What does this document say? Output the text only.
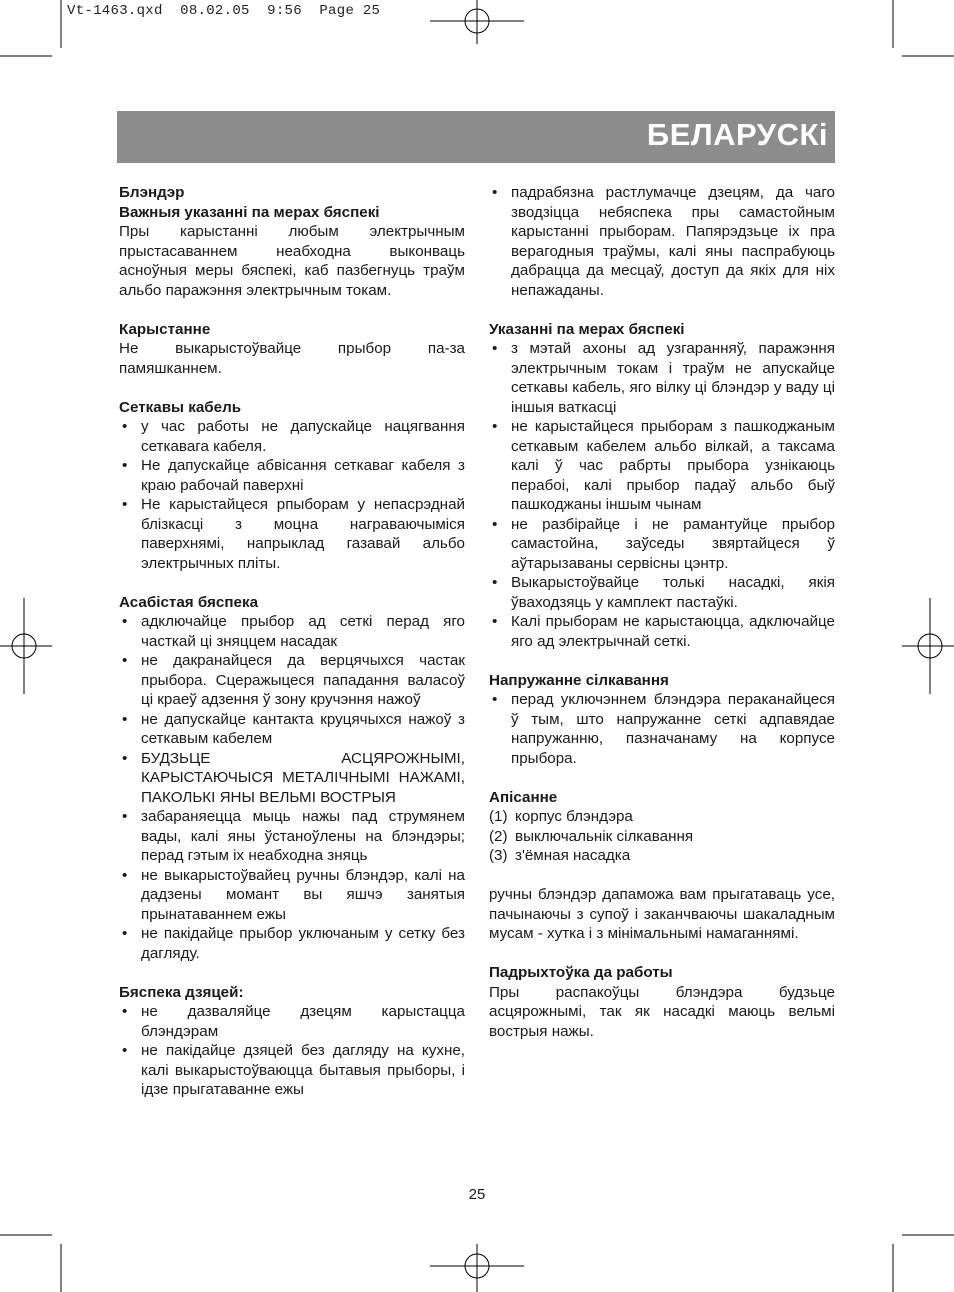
Vt-1463.qxd  08.02.05  9:56  Page 25
БЕЛАРУСКі
Блэндэр
Важныя указанні па мерах бяспекі
Пры карыстанні любым электрычным прыстасаваннем неабходна выконваць асноўныя меры бяспекі, каб пазбегнуць траўм альбо паражэння электрычным токам.
Карыстанне
Не выкарыстоўвайце прыбор па-за памяшканнем.
Сеткавы кабель
• у час работы не дапускайце нацягвання сеткавага кабеля.
• Не дапускайце абвісання сеткаваг кабеля з краю рабочай паверхні
• Не карыстайцеся рпыборам у непасрэднай блізкасці з моцна награваючыміся паверхнямі, напрыклад газавай альбо электрычных пліты.
Асабістая бяспека
• адключайце прыбор ад сеткі перад яго часткай ці зняццем насадак
• не дакранайцеся да верцячыхся частак прыбора. Сцеражыцеся пападання валасоў ці краеў адзення ў зону кручэння нажоў
• не дапускайце кантакта круцячыхся нажоў з сеткавым кабелем
• БУДЗЬЦЕ АСЦЯРОЖНЫМІ, КАРЫСТАЮЧЫСЯ МЕТАЛІЧНЫМІ НАЖАМІ, ПАКОЛЬКІ ЯНЫ ВЕЛЬМІ ВОСТРЫЯ
• забараняецца мыць нажы пад струмянем вады, калі яны ўстаноўлены на блэндэры; перад гэтым іх неабходна зняць
• не выкарыстоўвайец ручны блэндэр, калі на дадзены момант вы яшчэ занятыя прынатаваннем ежы
• не пакідайце прыбор уключаным у сетку без дагляду.
Бяспека дзяцей:
• не дазваляйце дзецям карыстацца блэндэрам
• не пакідайце дзяцей без дагляду на кухне, калі выкарыстоўваюцца бытавыя прыборы, і ідзе прыгатаванне ежы
• падрабязна растлумачце дзецям, да чаго зводзіцца небяспека пры самастойным карыстанні прыборам. Папярэдзьце іх пра верагодныя траўмы, калі яны паспрабуюць дабрацца да месцаў, доступ да якіх для ніх непажаданы.
Указанні па мерах бяспекі
• з мэтай ахоны ад узгаранняў, паражэння электрычным токам і траўм не апускайце сеткавы кабель, яго вілку ці блэндэр у ваду ці іншыя ваткасці
• не карыстайцеся прыборам з пашкоджаным сеткавым кабелем альбо вілкай, а таксама калі ў час рабрты прыбора узнікаюць перабоі, калі прыбор падаў альбо быў пашкоджаны іншым чынам
• не разбірайце і не рамантуйце прыбор самастойна, заўседы звяртайцеся ў аўтарызаваны сервісны цэнтр.
• Выкарыстоўвайце толькі насадкі, якія ўваходзяць у камплект пастаўкі.
• Калі прыборам не карыстаюцца, адключайце яго ад электрычнай сеткі.
Напружанне сілкавання
• перад уключэннем блэндэра пераканайцеся ў тым, што напружанне сеткі адпавядае напружанню, пазначанаму на корпусе прыбора.
Апісанне
(1) корпус блэндэра
(2) выключальнік сілкавання
(3) з'ёмная насадка
ручны блэндэр дапаможа вам прыгатаваць усе, пачынаючы з супоў і заканчваючы шакаладным мусам - хутка і з мінімальнымі намаганнямі.
Падрыхтоўка да работы
Пры распакоўцы блэндэра будзьце асцярожнымі, так як насадкі маюць вельмі вострыя нажы.
25
